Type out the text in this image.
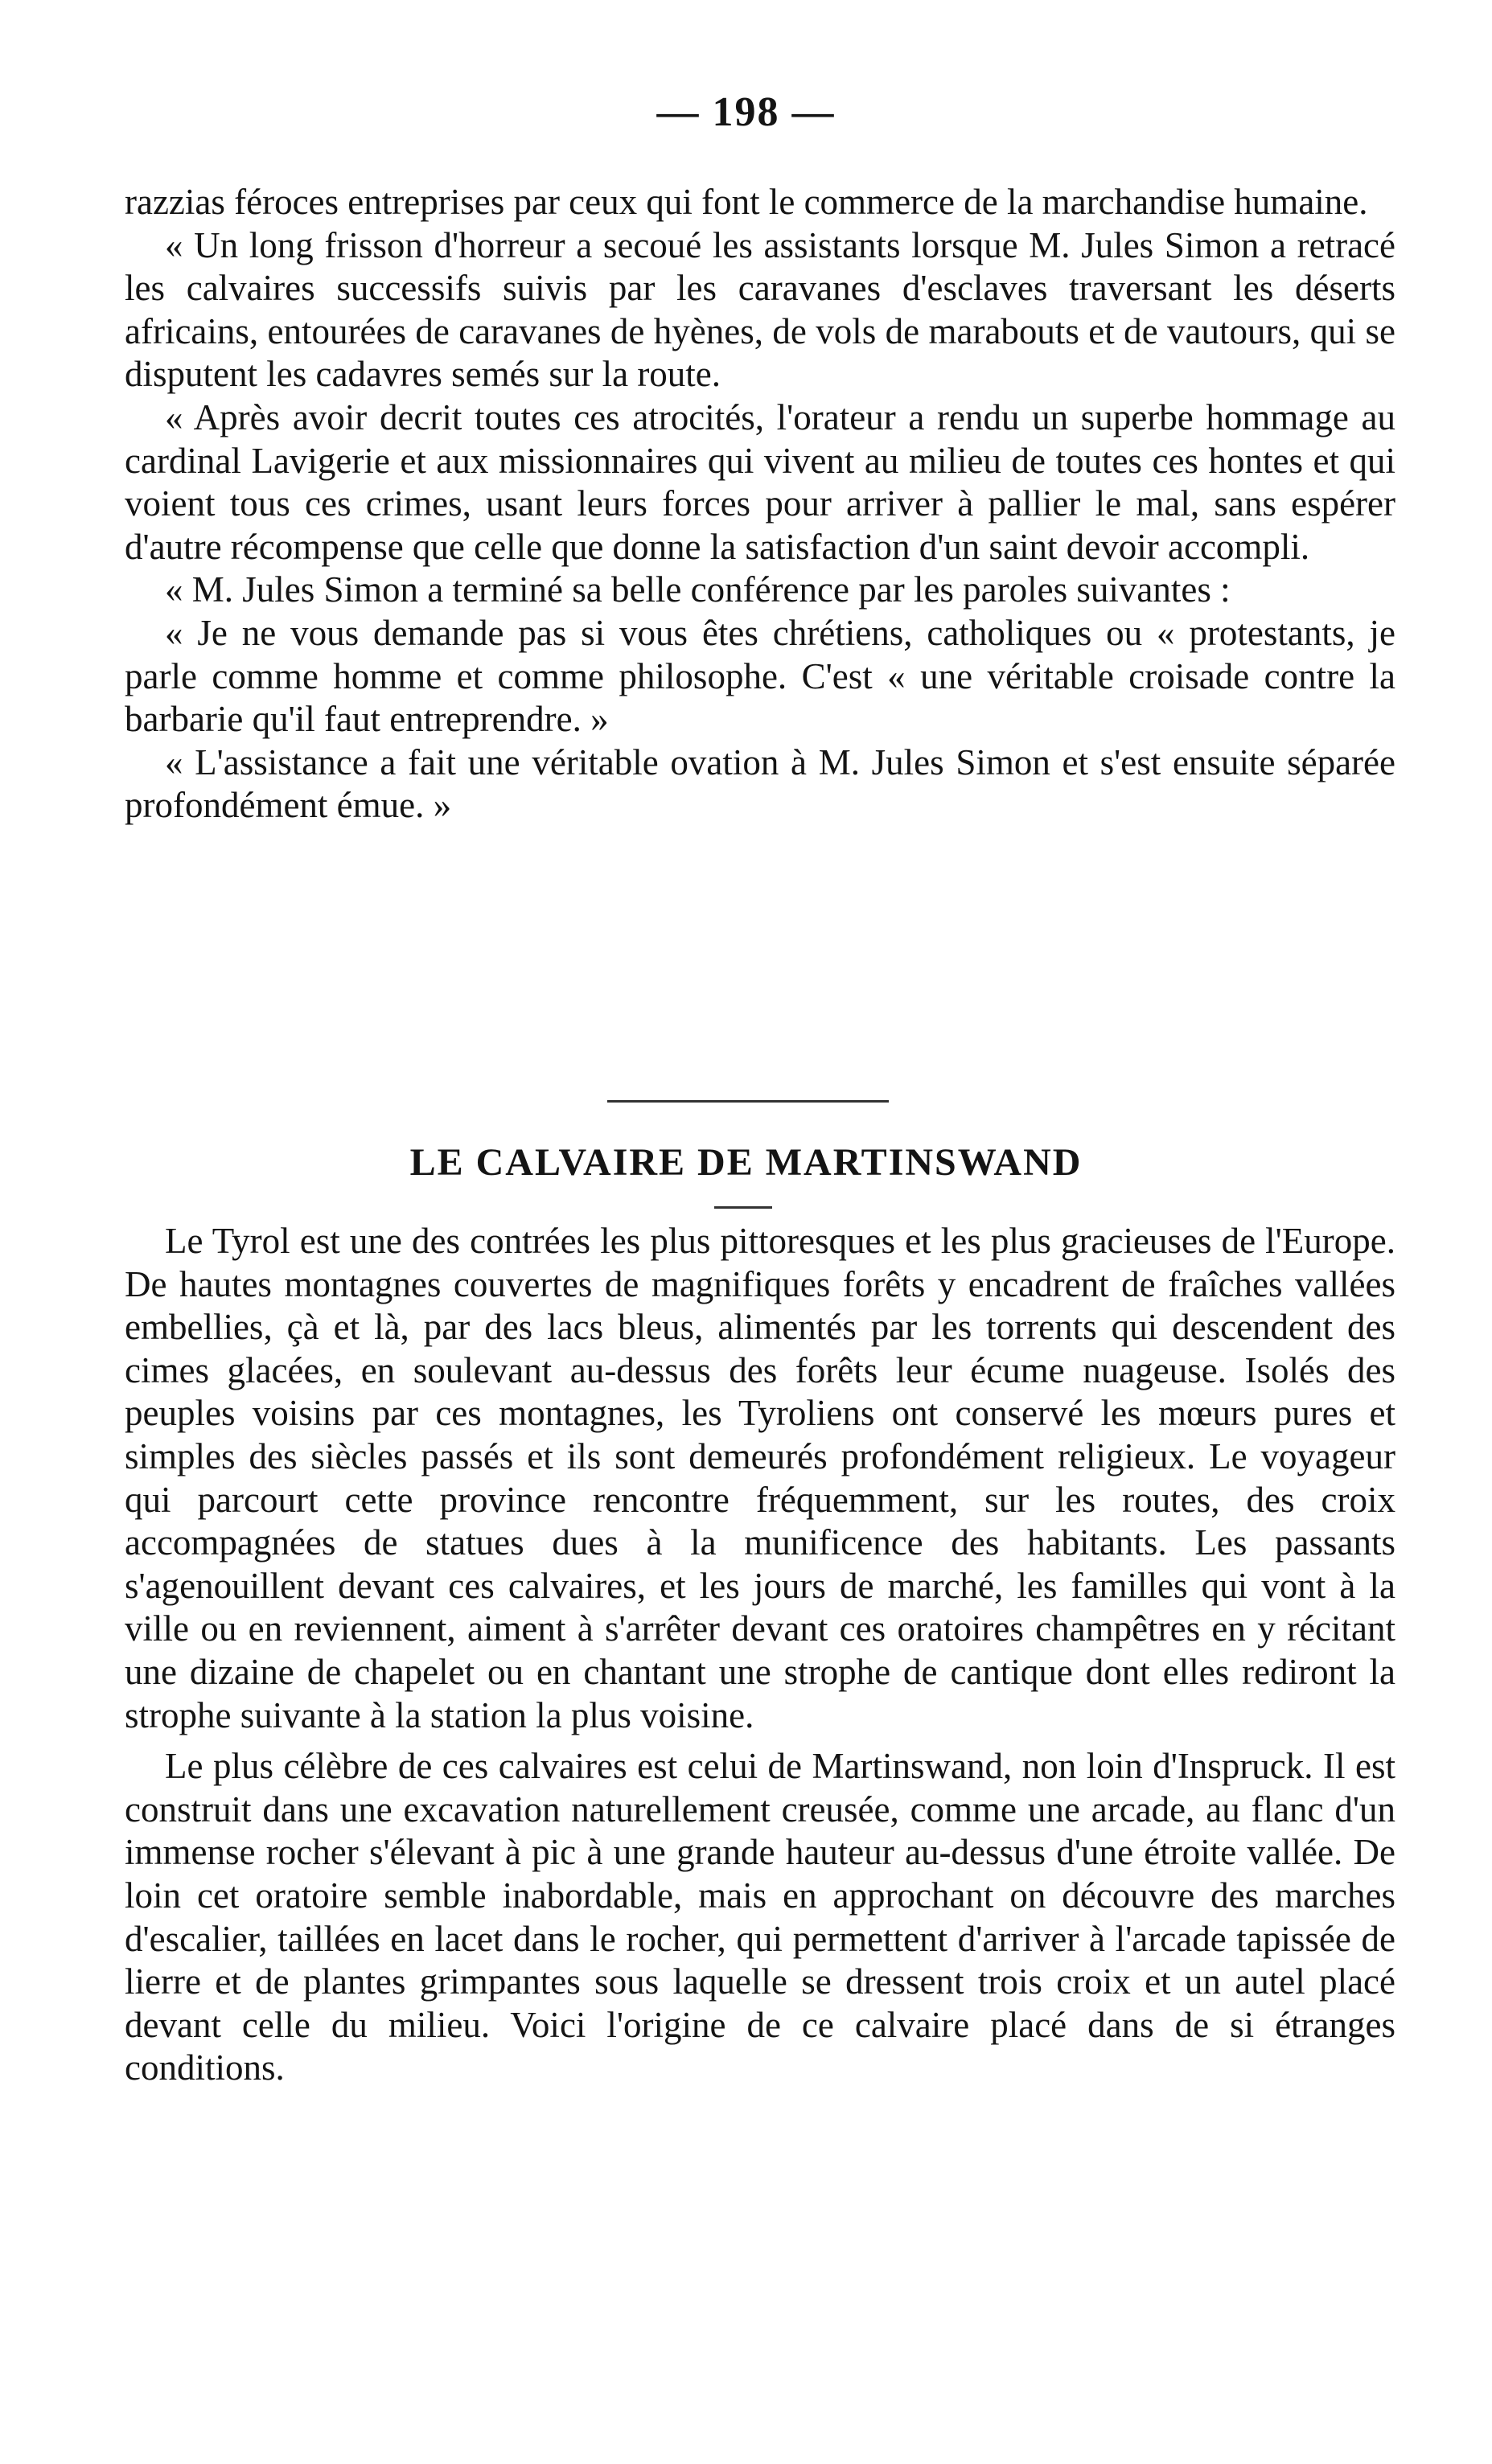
— 198 —

razzias féroces entreprises par ceux qui font le commerce de la marchandise humaine.

« Un long frisson d'horreur a secoué les assistants lorsque M. Jules Simon a retracé les calvaires successifs suivis par les caravanes d'esclaves traversant les déserts africains, entourées de caravanes de hyènes, de vols de marabouts et de vautours, qui se disputent les cadavres semés sur la route.

« Après avoir decrit toutes ces atrocités, l'orateur a rendu un superbe hommage au cardinal Lavigerie et aux missionnaires qui vivent au milieu de toutes ces hontes et qui voient tous ces crimes, usant leurs forces pour arriver à pallier le mal, sans espérer d'autre récompense que celle que donne la satisfaction d'un saint devoir accompli.

« M. Jules Simon a terminé sa belle conférence par les paroles suivantes :

« Je ne vous demande pas si vous êtes chrétiens, catholiques ou « protestants, je parle comme homme et comme philosophe. C'est « une véritable croisade contre la barbarie qu'il faut entreprendre. »

« L'assistance a fait une véritable ovation à M. Jules Simon et s'est ensuite séparée profondément émue. »

LE CALVAIRE DE MARTINSWAND

Le Tyrol est une des contrées les plus pittoresques et les plus gracieuses de l'Europe. De hautes montagnes couvertes de magnifiques forêts y encadrent de fraîches vallées embellies, çà et là, par des lacs bleus, alimentés par les torrents qui descendent des cimes glacées, en soulevant au-dessus des forêts leur écume nuageuse. Isolés des peuples voisins par ces montagnes, les Tyroliens ont conservé les mœurs pures et simples des siècles passés et ils sont demeurés profondément religieux. Le voyageur qui parcourt cette province rencontre fréquemment, sur les routes, des croix accompagnées de statues dues à la munificence des habitants. Les passants s'agenouillent devant ces calvaires, et les jours de marché, les familles qui vont à la ville ou en reviennent, aiment à s'arrêter devant ces oratoires champêtres en y récitant une dizaine de chapelet ou en chantant une strophe de cantique dont elles rediront la strophe suivante à la station la plus voisine.

Le plus célèbre de ces calvaires est celui de Martinswand, non loin d'Inspruck. Il est construit dans une excavation naturellement creusée, comme une arcade, au flanc d'un immense rocher s'élevant à pic à une grande hauteur au-dessus d'une étroite vallée. De loin cet oratoire semble inabordable, mais en approchant on découvre des marches d'escalier, taillées en lacet dans le rocher, qui permettent d'arriver à l'arcade tapissée de lierre et de plantes grimpantes sous laquelle se dressent trois croix et un autel placé devant celle du milieu. Voici l'origine de ce calvaire placé dans de si étranges conditions.
